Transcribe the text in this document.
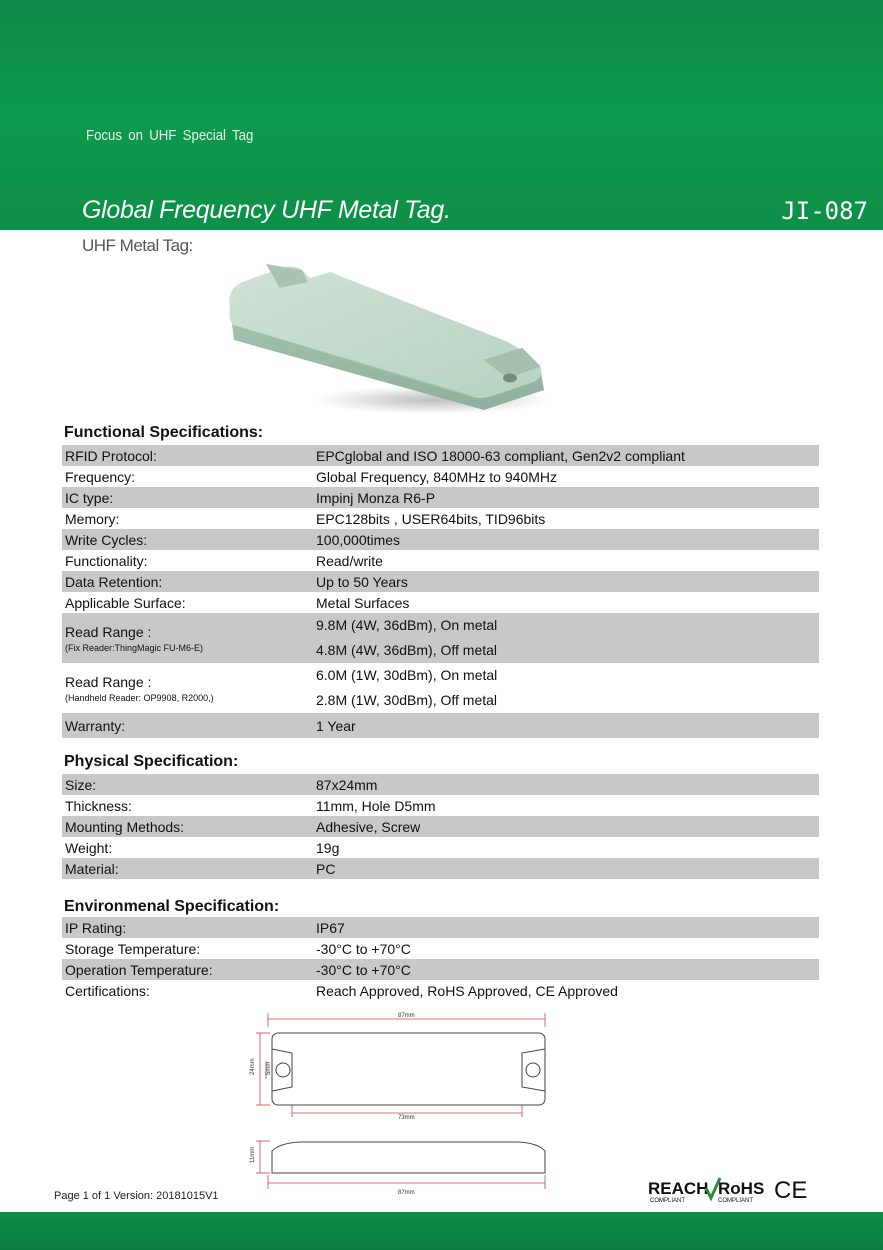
Focus on UHF Special Tag
Global Frequency UHF Metal Tag.	JI-087
UHF Metal Tag:
Functional Specifications:
RFID Protocol:	EPCglobal and ISO 18000-63 compliant, Gen2v2 compliant
Frequency:	Global Frequency, 840MHz to 940MHz
IC type:	Impinj Monza R6-P
Memory:	EPC128bits , USER64bits, TID96bits
Write Cycles:	100,000times
Functionality:	Read/write
Data Retention:	Up to 50 Years
Applicable Surface:	Metal Surfaces
Read Range :
(Fix Reader:ThingMagic FU-M6-E)	9.8M (4W, 36dBm), On metal
4.8M (4W, 36dBm), Off metal

Read Range :
(Handheld Reader: OP9908, R2000,)	6.0M (1W, 30dBm), On metal
2.8M (1W, 30dBm), Off metal

Warranty:	1 Year
Physical Specification:
Size:	87x24mm
Thickness:	11mm, Hole D5mm
Mounting Methods:	Adhesive, Screw
Weight:	19g
Material:	PC
Environmenal Specification:
IP Rating:	IP67
Storage Temperature:	-30°C to +70°C
Operation Temperature:	-30°C to +70°C
Certifications:	Reach Approved, RoHS Approved, CE Approved
87mm
24mm 5mm
73mm
11mm
87mm	REACH
COMPLIANT
RoHS
COMPLIANT CE
Page 1 of 1 Version: 20181015V1
